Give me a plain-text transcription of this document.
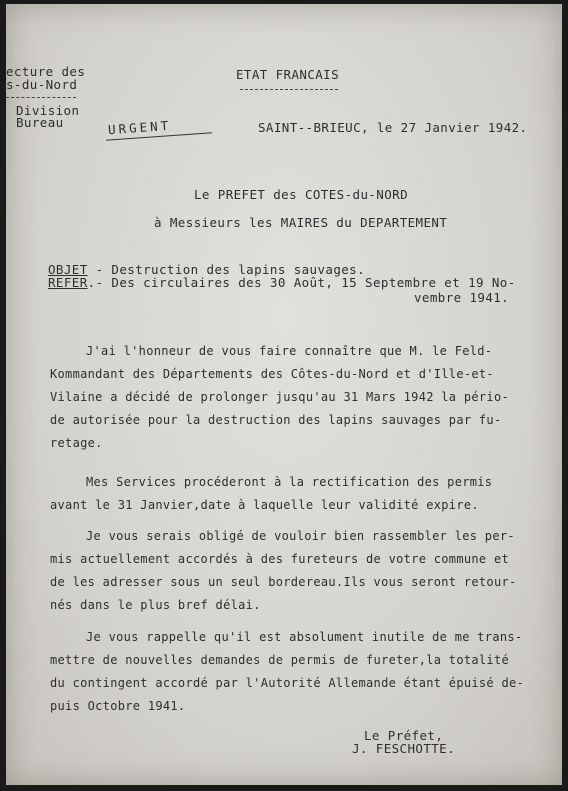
ecture des
s-du-Nord
Division
Bureau
ETAT FRANCAIS
URGENT	SAINT--BRIEUC, le 27 Janvier 1942.
Le PREFET des COTES-du-NORD
à Messieurs les MAIRES du DEPARTEMENT
OBJET - Destruction des lapins sauvages.
REFER.- Des circulaires des 30 Août, 15 Septembre et 19 No-
vembre 1941.
J'ai l'honneur de vous faire connaître que M. le Feld-
Kommandant des Départements des Côtes-du-Nord et d'Ille-et-
Vilaine a décidé de prolonger jusqu'au 31 Mars 1942 la pério-
de autorisée pour la destruction des lapins sauvages par fu-
retage.
Mes Services procéderont à la rectification des permis
avant le 31 Janvier,date à laquelle leur validité expire.
Je vous serais obligé de vouloir bien rassembler les per-
mis actuellement accordés à des fureteurs de votre commune et
de les adresser sous un seul bordereau.Ils vous seront retour-
nés dans le plus bref délai.
Je vous rappelle qu'il est absolument inutile de me trans-
mettre de nouvelles demandes de permis de fureter,la totalité
du contingent accordé par l'Autorité Allemande étant épuisé de-
puis Octobre 1941.
Le Préfet,
J. FESCHOTTE.
